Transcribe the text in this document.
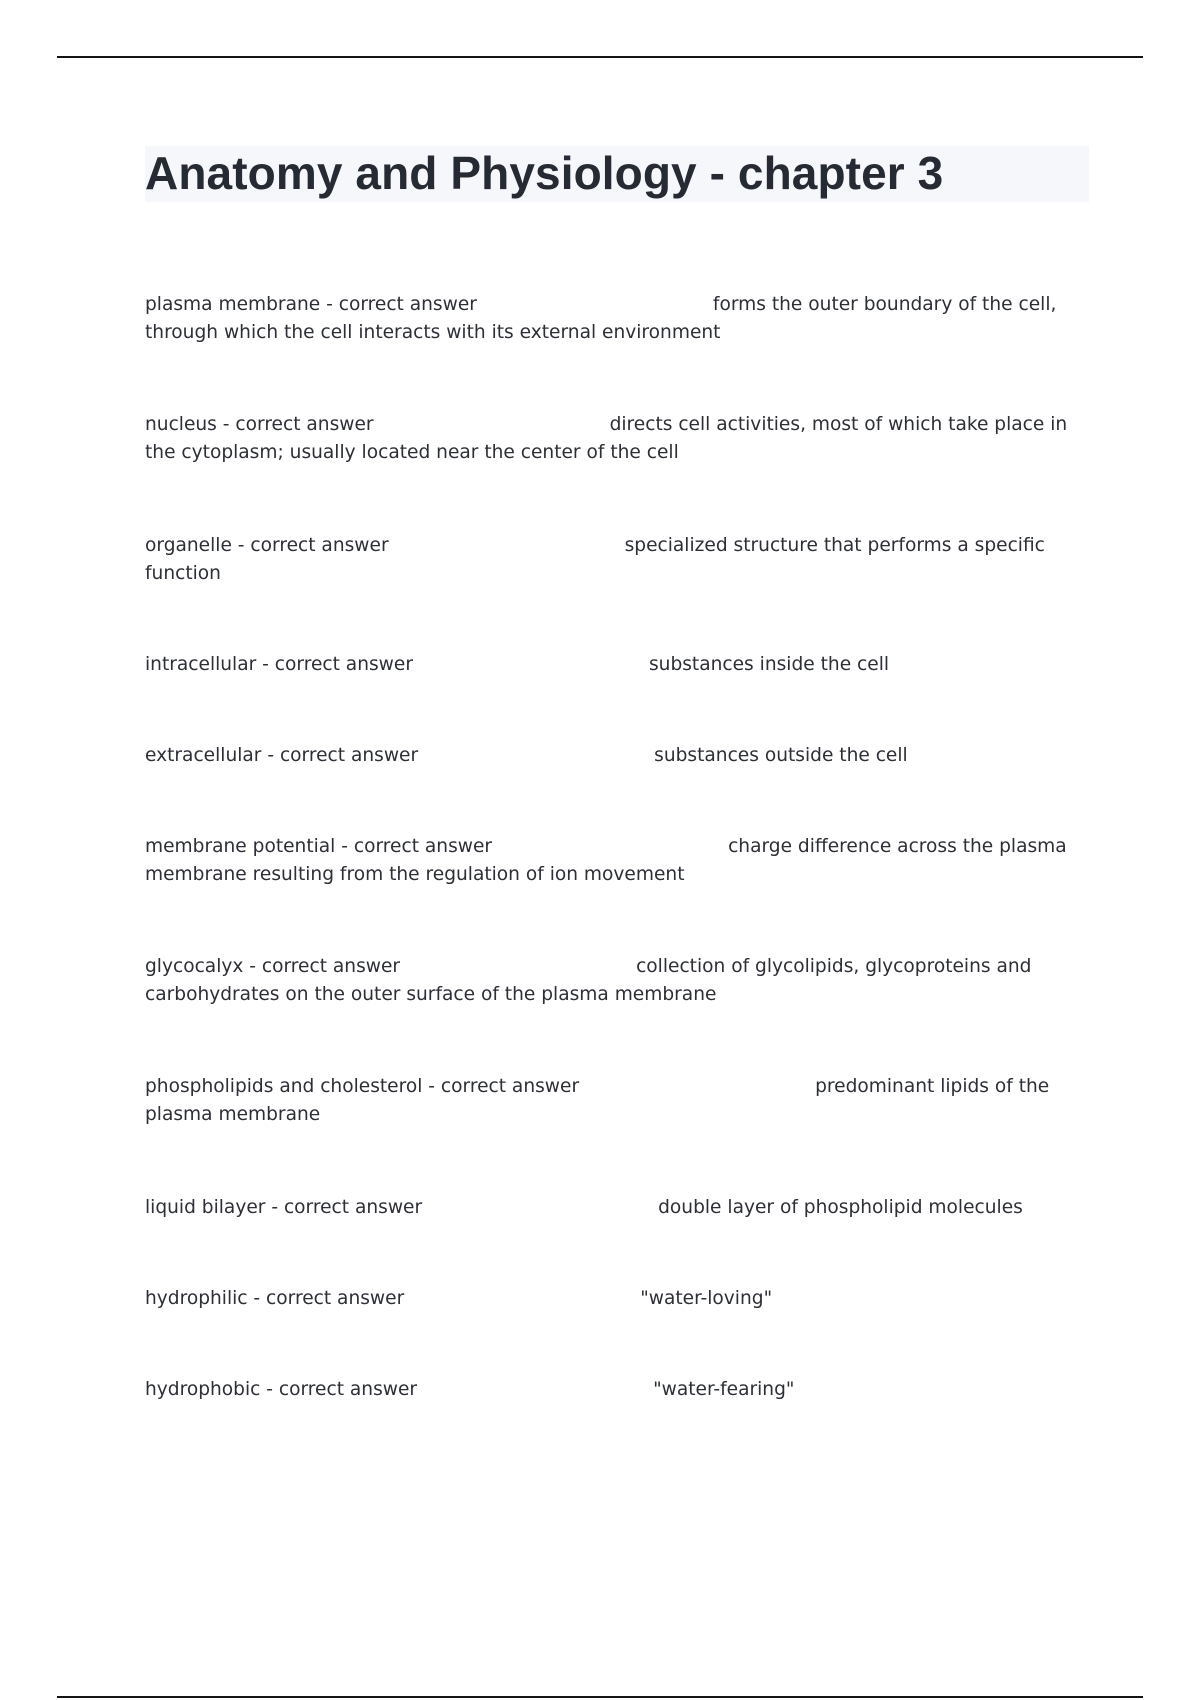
Anatomy and Physiology - chapter 3
plasma membrane - correct answer	forms the outer boundary of the cell, through which the cell interacts with its external environment
nucleus - correct answer	directs cell activities, most of which take place in the cytoplasm; usually located near the center of the cell
organelle - correct answer	specialized structure that performs a specific function
intracellular - correct answer	substances inside the cell
extracellular - correct answer	substances outside the cell
membrane potential - correct answer	charge difference across the plasma membrane resulting from the regulation of ion movement
glycocalyx - correct answer	collection of glycolipids, glycoproteins and carbohydrates on the outer surface of the plasma membrane
phospholipids and cholesterol - correct answer	predominant lipids of the plasma membrane
liquid bilayer - correct answer	double layer of phospholipid molecules
hydrophilic - correct answer	"water-loving"
hydrophobic - correct answer	"water-fearing"
